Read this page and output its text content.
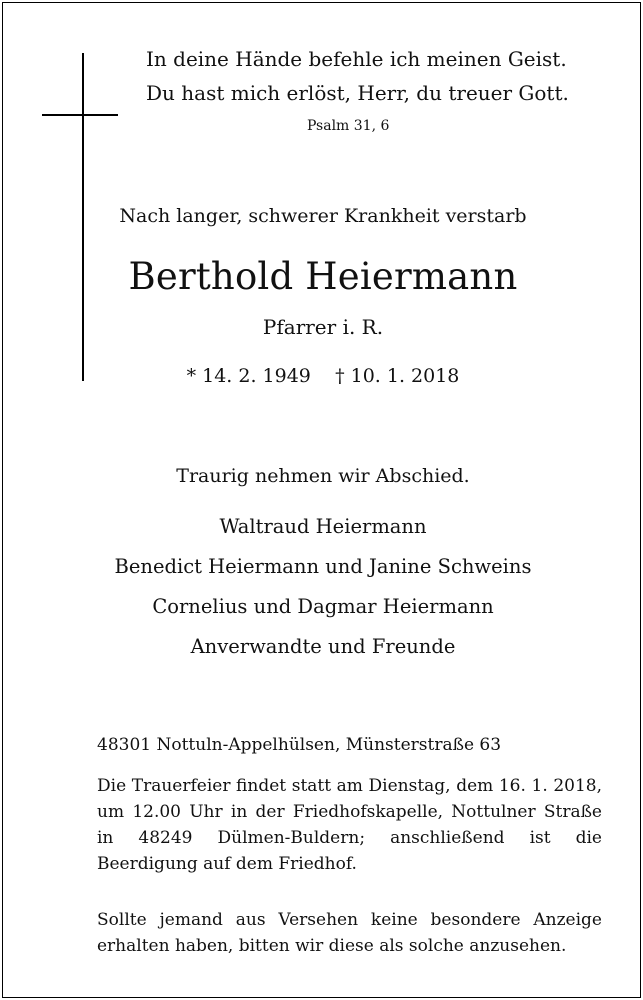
In deine Hände befehle ich meinen Geist.
Du hast mich erlöst, Herr, du treuer Gott.
Psalm 31, 6
Nach langer, schwerer Krankheit verstarb
Berthold Heiermann
Pfarrer i. R.
* 14. 2. 1949 † 10. 1. 2018
Traurig nehmen wir Abschied.
Waltraud Heiermann
Benedict Heiermann und Janine Schweins
Cornelius und Dagmar Heiermann
Anverwandte und Freunde
48301 Nottuln-Appelhülsen, Münsterstraße 63
Die Trauerfeier findet statt am Dienstag, dem 16. 1. 2018, um 12.00 Uhr in der Friedhofskapelle, Nottulner Straße in 48249 Dülmen-Buldern; anschließend ist die Beerdigung auf dem Friedhof.
Sollte jemand aus Versehen keine besondere Anzeige erhalten haben, bitten wir diese als solche anzusehen.
